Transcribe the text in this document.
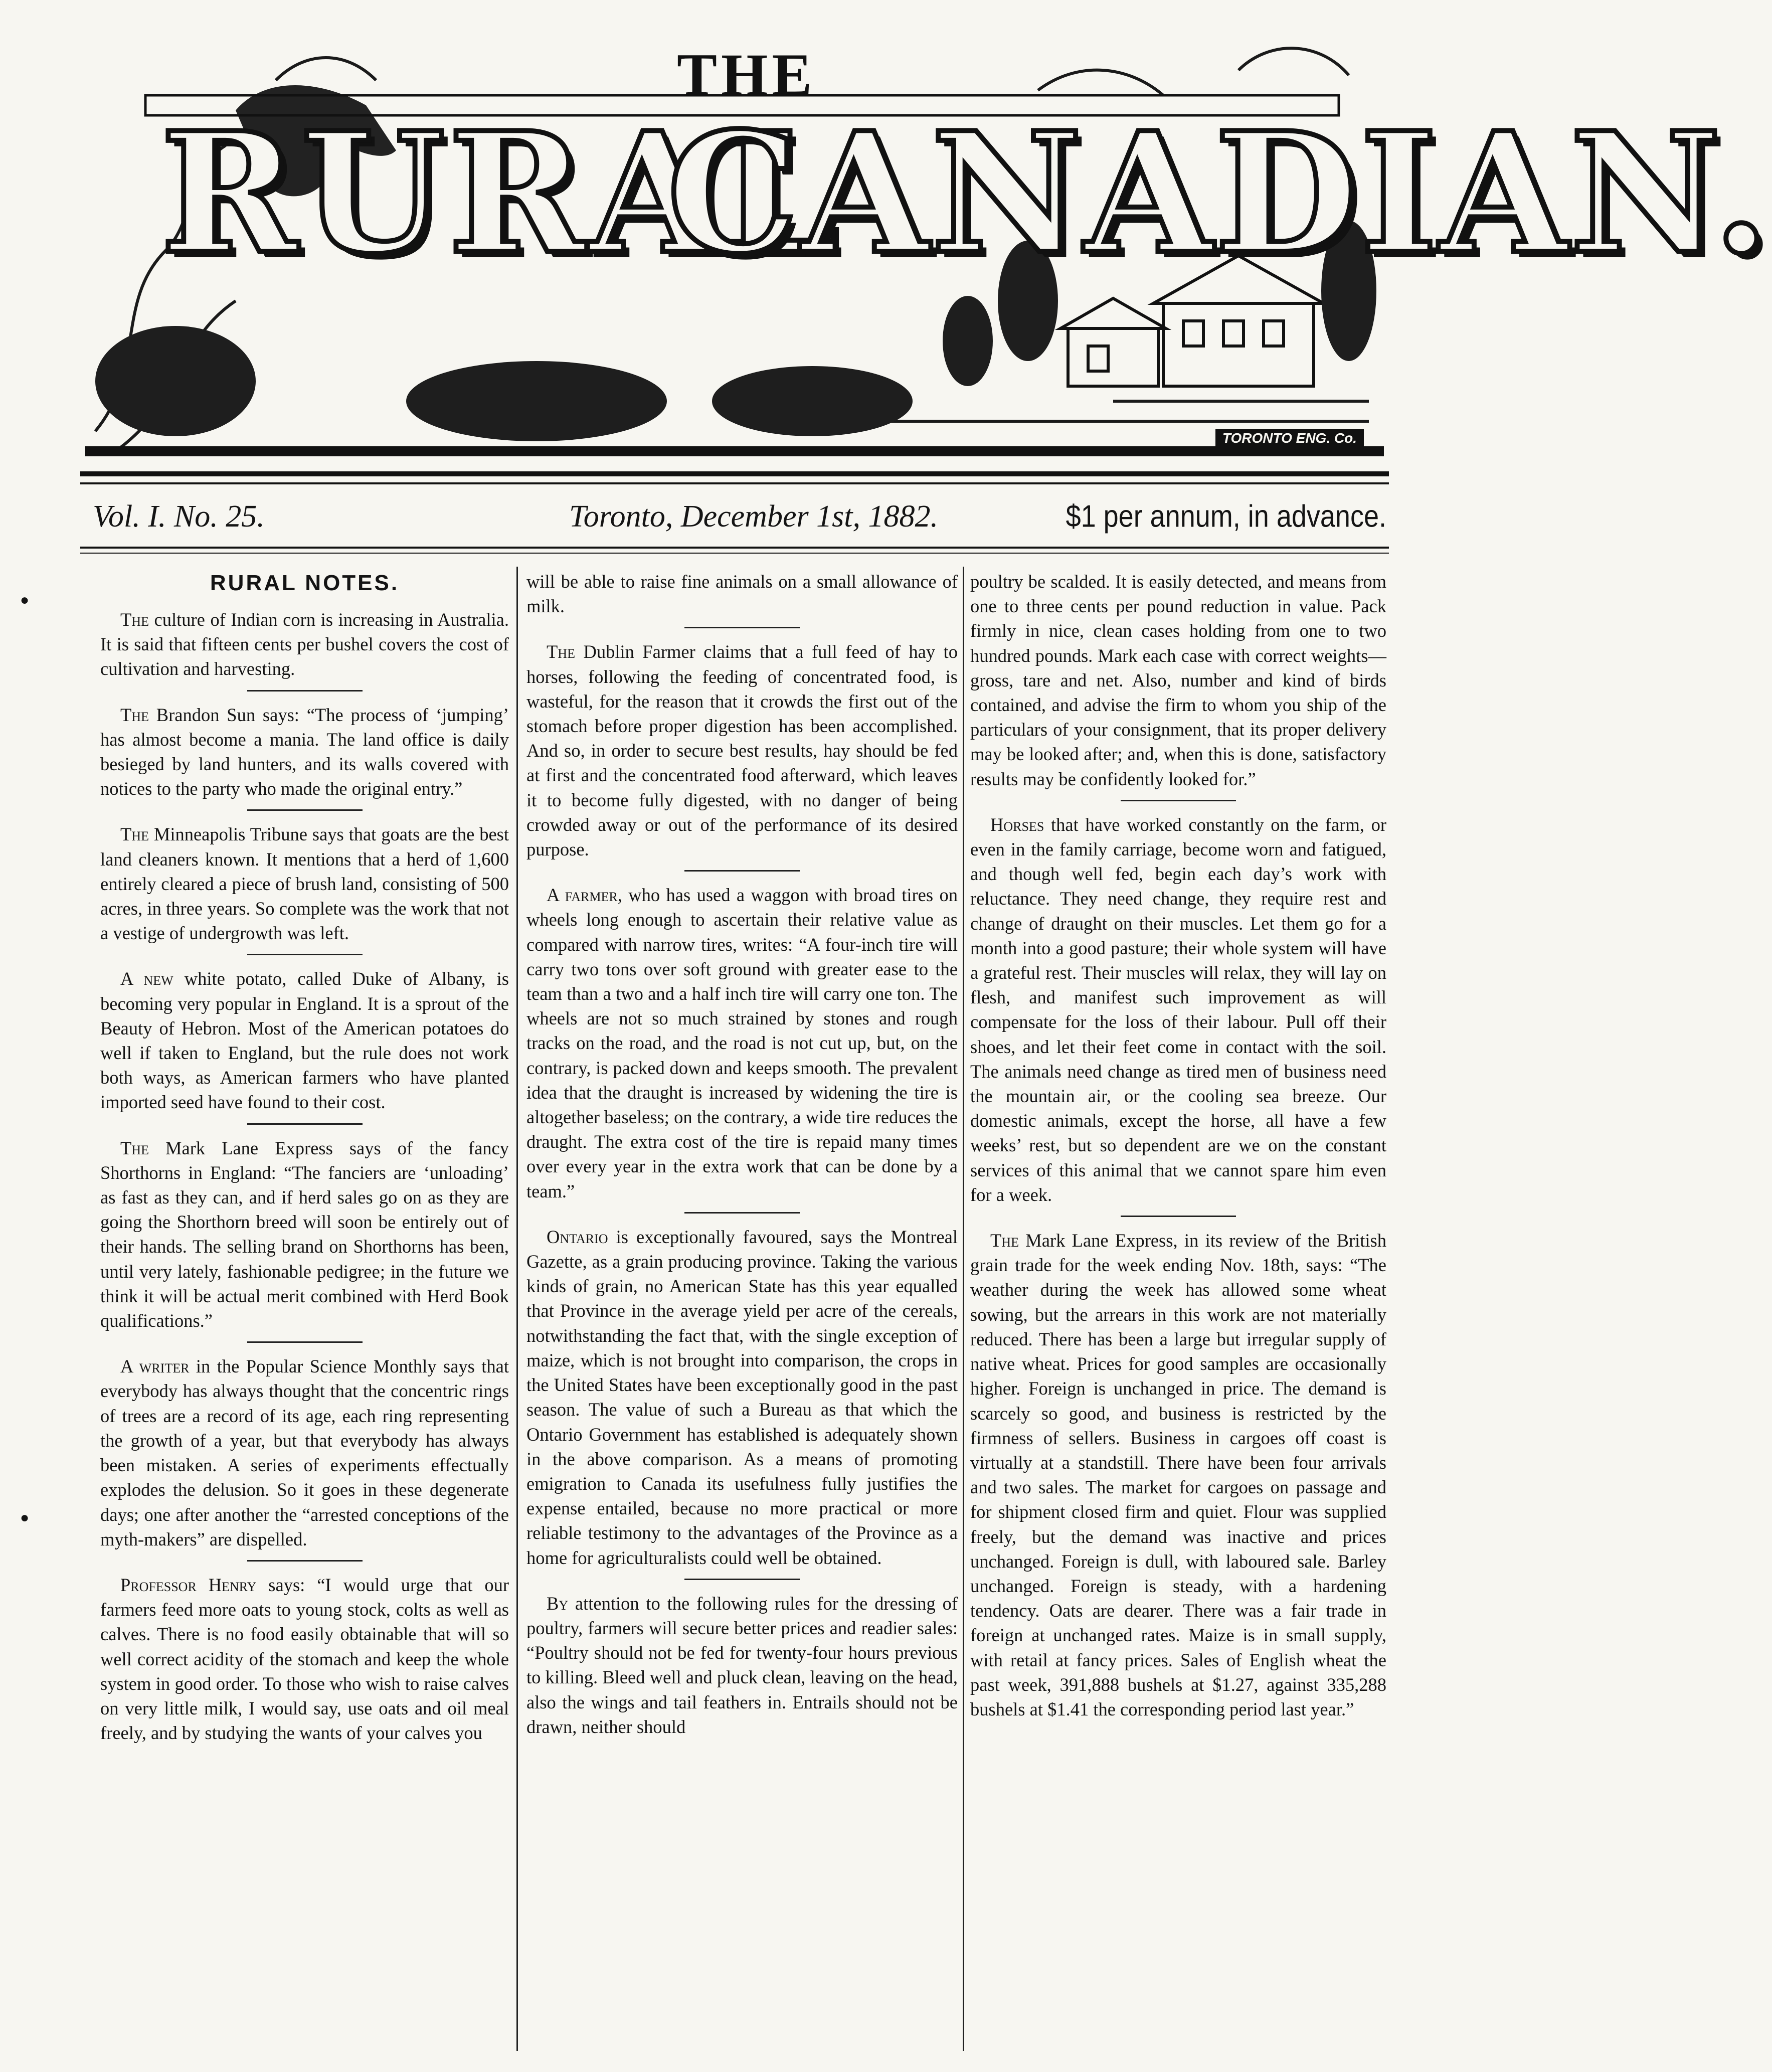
THE
RURAL
CANADIAN.
TORONTO ENG. Co.
Vol. I. No. 25.	Toronto, December 1st, 1882.	$1 per annum, in advance.
●
●
RURAL NOTES.

The culture of Indian corn is increasing in Australia. It is said that fifteen cents per bushel covers the cost of cultivation and harvesting.

The Brandon Sun says: “The process of ‘jumping’ has almost become a mania. The land office is daily besieged by land hunters, and its walls covered with notices to the party who made the original entry.”

The Minneapolis Tribune says that goats are the best land cleaners known. It mentions that a herd of 1,600 entirely cleared a piece of brush land, consisting of 500 acres, in three years. So complete was the work that not a vestige of undergrowth was left.

A new white potato, called Duke of Albany, is becoming very popular in England. It is a sprout of the Beauty of Hebron. Most of the American potatoes do well if taken to England, but the rule does not work both ways, as American farmers who have planted imported seed have found to their cost.

The Mark Lane Express says of the fancy Shorthorns in England: “The fanciers are ‘unloading’ as fast as they can, and if herd sales go on as they are going the Shorthorn breed will soon be entirely out of their hands. The selling brand on Shorthorns has been, until very lately, fashionable pedigree; in the future we think it will be actual merit combined with Herd Book qualifications.”

A writer in the Popular Science Monthly says that everybody has always thought that the concentric rings of trees are a record of its age, each ring representing the growth of a year, but that everybody has always been mistaken. A series of experiments effectually explodes the delusion. So it goes in these degenerate days; one after another the “arrested conceptions of the myth-makers” are dispelled.

Professor Henry says: “I would urge that our farmers feed more oats to young stock, colts as well as calves. There is no food easily obtainable that will so well correct acidity of the stomach and keep the whole system in good order. To those who wish to raise calves on very little milk, I would say, use oats and oil meal freely, and by studying the wants of your calves you

will be able to raise fine animals on a small allowance of milk.

The Dublin Farmer claims that a full feed of hay to horses, following the feeding of concentrated food, is wasteful, for the reason that it crowds the first out of the stomach before proper digestion has been accomplished. And so, in order to secure best results, hay should be fed at first and the concentrated food afterward, which leaves it to become fully digested, with no danger of being crowded away or out of the performance of its desired purpose.

A farmer, who has used a waggon with broad tires on wheels long enough to ascertain their relative value as compared with narrow tires, writes: “A four-inch tire will carry two tons over soft ground with greater ease to the team than a two and a half inch tire will carry one ton. The wheels are not so much strained by stones and rough tracks on the road, and the road is not cut up, but, on the contrary, is packed down and keeps smooth. The prevalent idea that the draught is increased by widening the tire is altogether baseless; on the contrary, a wide tire reduces the draught. The extra cost of the tire is repaid many times over every year in the extra work that can be done by a team.”

Ontario is exceptionally favoured, says the Montreal Gazette, as a grain producing province. Taking the various kinds of grain, no American State has this year equalled that Province in the average yield per acre of the cereals, notwithstanding the fact that, with the single exception of maize, which is not brought into comparison, the crops in the United States have been exceptionally good in the past season. The value of such a Bureau as that which the Ontario Government has established is adequately shown in the above comparison. As a means of promoting emigration to Canada its usefulness fully justifies the expense entailed, because no more practical or more reliable testimony to the advantages of the Province as a home for agriculturalists could well be obtained.

By attention to the following rules for the dressing of poultry, farmers will secure better prices and readier sales: “Poultry should not be fed for twenty-four hours previous to killing. Bleed well and pluck clean, leaving on the head, also the wings and tail feathers in. Entrails should not be drawn, neither should

poultry be scalded. It is easily detected, and means from one to three cents per pound reduction in value. Pack firmly in nice, clean cases holding from one to two hundred pounds. Mark each case with correct weights—gross, tare and net. Also, number and kind of birds contained, and advise the firm to whom you ship of the particulars of your consignment, that its proper delivery may be looked after; and, when this is done, satisfactory results may be confidently looked for.”

Horses that have worked constantly on the farm, or even in the family carriage, become worn and fatigued, and though well fed, begin each day’s work with reluctance. They need change, they require rest and change of draught on their muscles. Let them go for a month into a good pasture; their whole system will have a grateful rest. Their muscles will relax, they will lay on flesh, and manifest such improvement as will compensate for the loss of their labour. Pull off their shoes, and let their feet come in contact with the soil. The animals need change as tired men of business need the mountain air, or the cooling sea breeze. Our domestic animals, except the horse, all have a few weeks’ rest, but so dependent are we on the constant services of this animal that we cannot spare him even for a week.

The Mark Lane Express, in its review of the British grain trade for the week ending Nov. 18th, says: “The weather during the week has allowed some wheat sowing, but the arrears in this work are not materially reduced. There has been a large but irregular supply of native wheat. Prices for good samples are occasionally higher. Foreign is unchanged in price. The demand is scarcely so good, and business is restricted by the firmness of sellers. Business in cargoes off coast is virtually at a standstill. There have been four arrivals and two sales. The market for cargoes on passage and for shipment closed firm and quiet. Flour was supplied freely, but the demand was inactive and prices unchanged. Foreign is dull, with laboured sale. Barley unchanged. Foreign is steady, with a hardening tendency. Oats are dearer. There was a fair trade in foreign at unchanged rates. Maize is in small supply, with retail at fancy prices. Sales of English wheat the past week, 391,888 bushels at $1.27, against 335,288 bushels at $1.41 the corresponding period last year.”
